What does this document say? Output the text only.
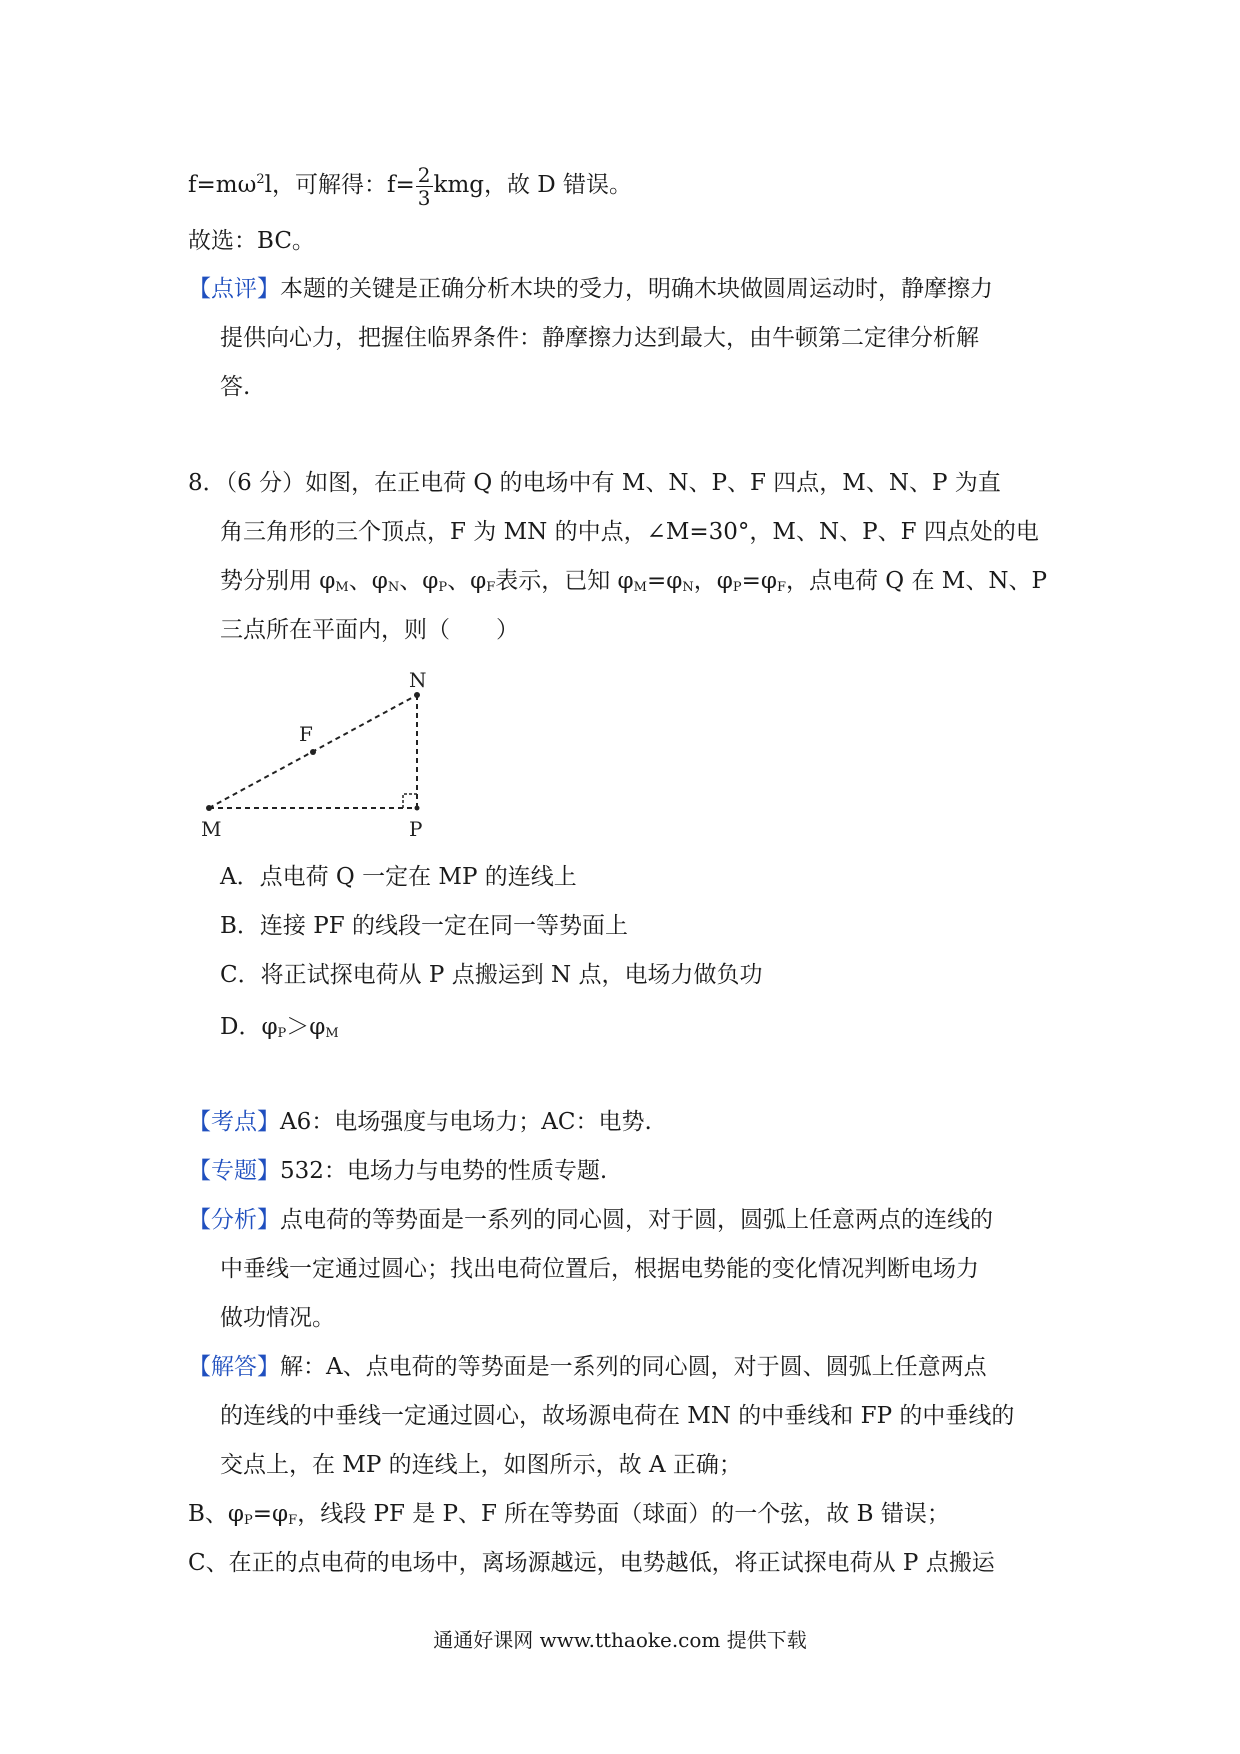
$f=m\omega^2l$，可解得：$f= \frac{2}{3}$ kmg，故 D 错误。
故选：BC。
【点评】本题的关键是正确分析木块的受力，明确木块做圆周运动时，静摩擦力
提供向心力，把握住临界条件：静摩擦力达到最大，由牛顿第二定律分析解
答.
8．（6 分）如图，在正电荷 Q 的电场中有 M、N、P、F 四点，M、N、P 为直
角三角形的三个顶点，F 为 MN 的中点，∠M=30°，M、N、P、F 四点处的电
势分别用 $\varphi_M$、$\varphi_N$、$\varphi_P$、$\varphi_F$表示，已知 $\varphi_M=\varphi_N$，$\varphi_P=\varphi_F$，点电荷 Q 在 M、N、P
三点所在平面内，则（　　）
N
F
M	P
A．点电荷 Q 一定在 MP 的连线上
B．连接 PF 的线段一定在同一等势面上
C．将正试探电荷从 P 点搬运到 N 点，电场力做负功
D．$\varphi_P>\varphi_M$
【考点】A6：电场强度与电场力；AC：电势.
【专题】532：电场力与电势的性质专题.
【分析】点电荷的等势面是一系列的同心圆，对于圆，圆弧上任意两点的连线的
中垂线一定通过圆心；找出电荷位置后，根据电势能的变化情况判断电场力
做功情况。
【解答】解：A、点电荷的等势面是一系列的同心圆，对于圆、圆弧上任意两点
的连线的中垂线一定通过圆心，故场源电荷在 MN 的中垂线和 FP 的中垂线的
交点上，在 MP 的连线上，如图所示，故 A 正确；
B、$\varphi_P=\varphi_F$，线段 PF 是 P、F 所在等势面（球面）的一个弦，故 B 错误；
C、在正的点电荷的电场中，离场源越远，电势越低，将正试探电荷从 P 点搬运
通通好课网 www.tthaoke.com 提供下载
